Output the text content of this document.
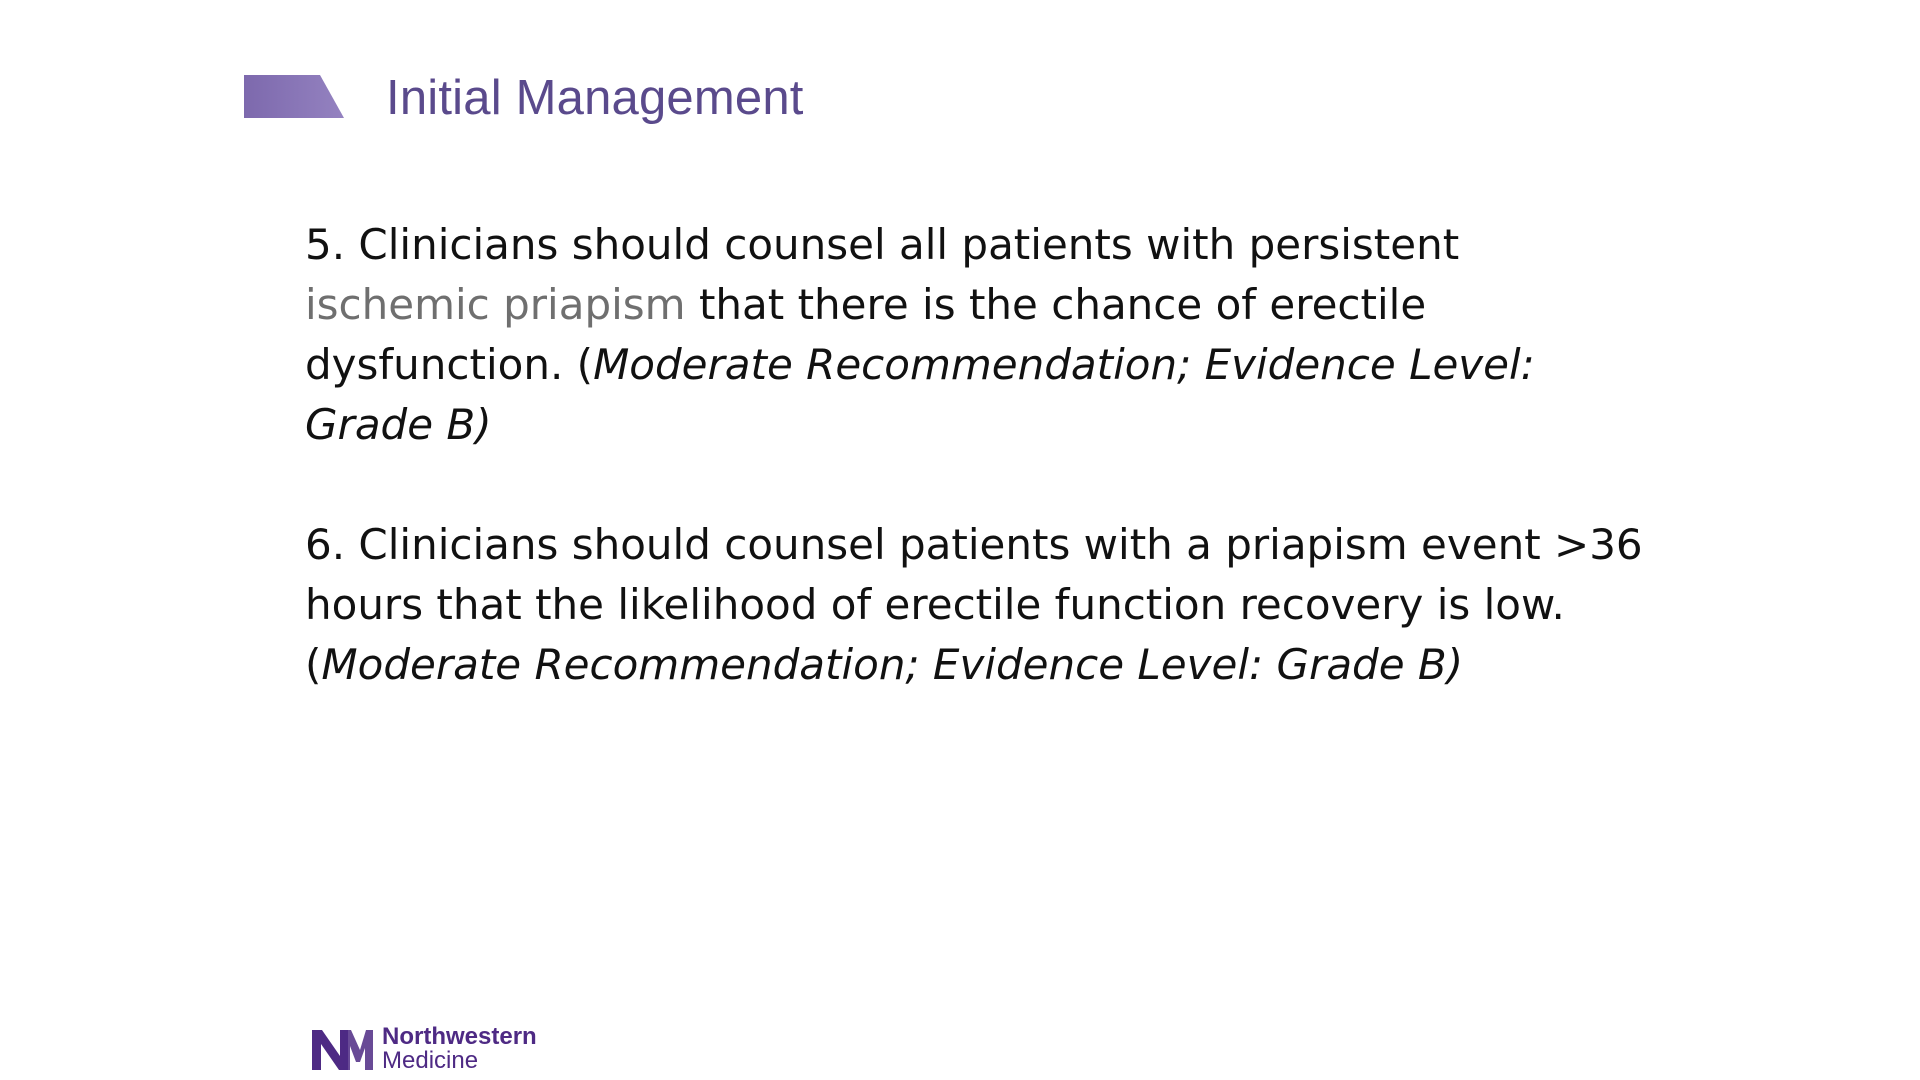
Initial Management

5. Clinicians should counsel all patients with persistent ischemic priapism that there is the chance of erectile dysfunction. (Moderate Recommendation; Evidence Level: Grade B)

6. Clinicians should counsel patients with a priapism event >36 hours that the likelihood of erectile function recovery is low. (Moderate Recommendation; Evidence Level: Grade B)

Northwestern
Medicine
